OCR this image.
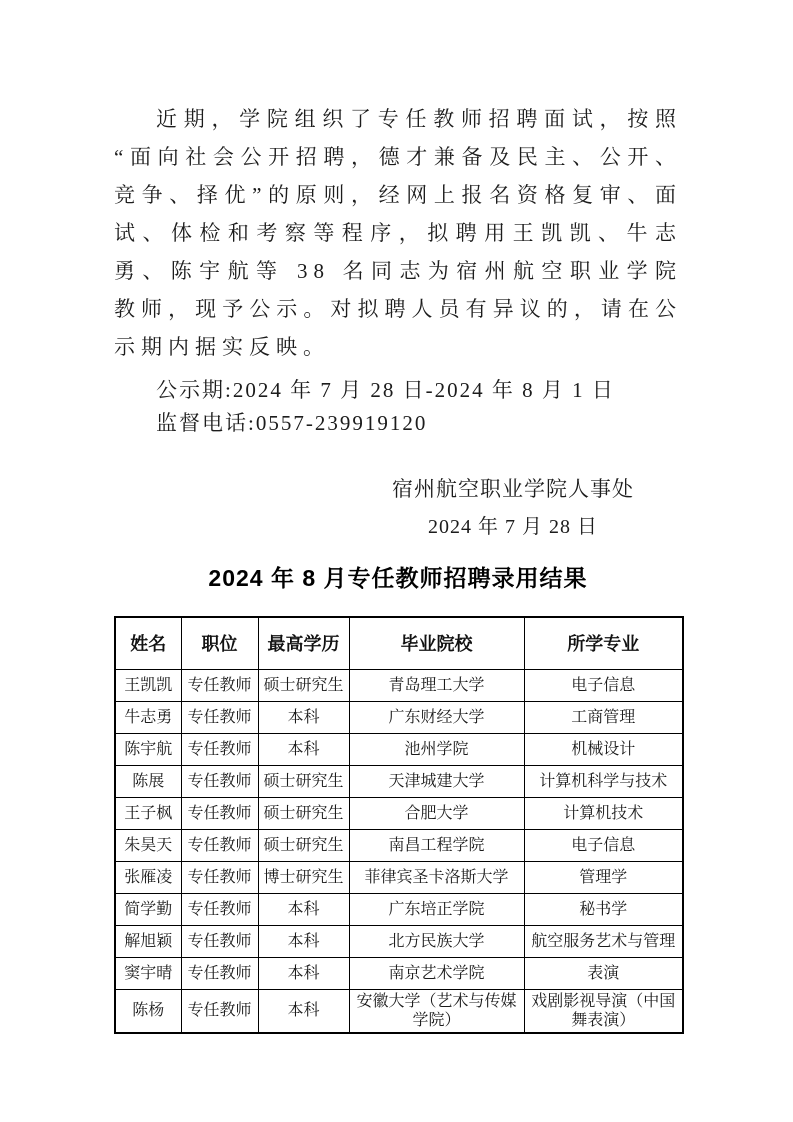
近期，学院组织了专任教师招聘面试，按照“面向社会公开招聘，德才兼备及民主、公开、竞争、择优”的原则，经网上报名资格复审、面试、体检和考察等程序，拟聘用王凯凯、牛志勇、陈宇航等 38 名同志为宿州航空职业学院教师，现予公示。对拟聘人员有异议的，请在公示期内据实反映。

公示期:2024 年 7 月 28 日-2024 年 8 月 1 日

监督电话:0557-239919120

宿州航空职业学院人事处

2024 年 7 月 28 日

2024 年 8 月专任教师招聘录用结果
姓名	职位	最高学历	毕业院校	所学专业
王凯凯	专任教师	硕士研究生	青岛理工大学	电子信息
牛志勇	专任教师	本科	广东财经大学	工商管理
陈宇航	专任教师	本科	池州学院	机械设计
陈展	专任教师	硕士研究生	天津城建大学	计算机科学与技术
王子枫	专任教师	硕士研究生	合肥大学	计算机技术
朱昊天	专任教师	硕士研究生	南昌工程学院	电子信息
张雁凌	专任教师	博士研究生	菲律宾圣卡洛斯大学	管理学
简学勤	专任教师	本科	广东培正学院	秘书学
解旭颖	专任教师	本科	北方民族大学	航空服务艺术与管理
窦宇晴	专任教师	本科	南京艺术学院	表演
陈杨	专任教师	本科	安徽大学（艺术与传媒学院）	戏剧影视导演（中国舞表演）
